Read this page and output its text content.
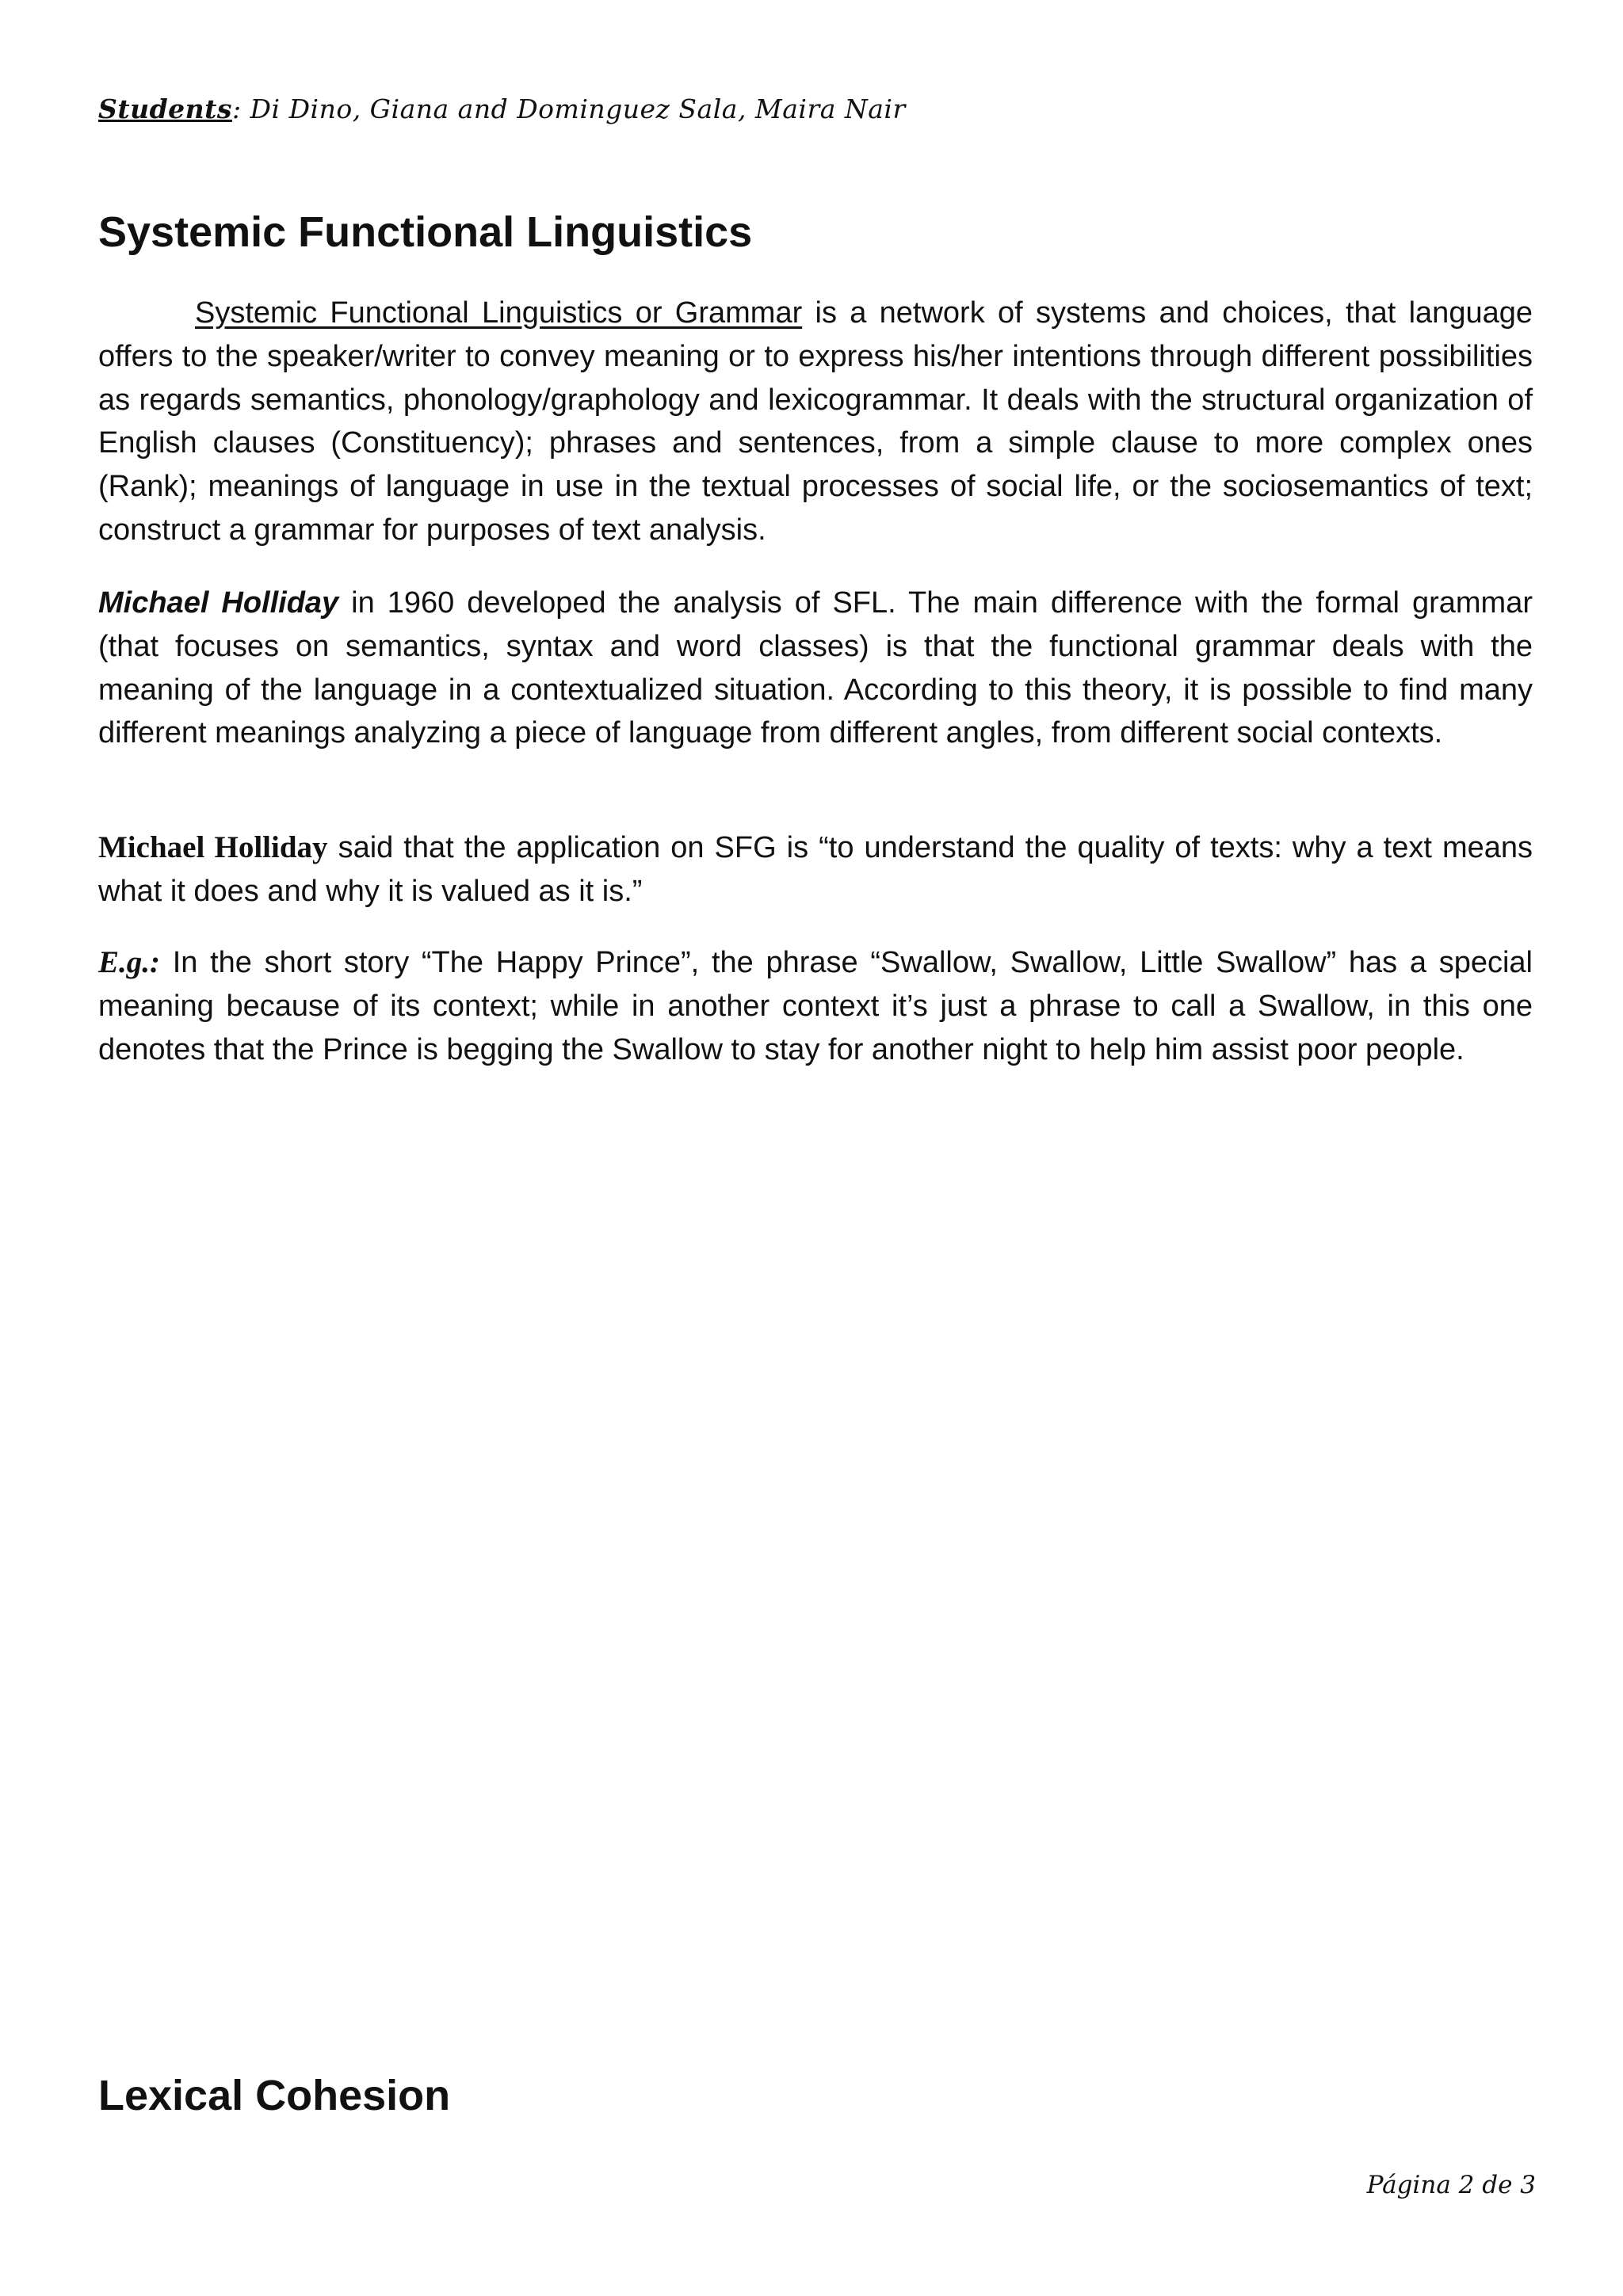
Students: Di Dino, Giana and Dominguez Sala, Maira Nair
Systemic Functional Linguistics

Systemic Functional Linguistics or Grammar is a network of systems and choices, that language offers to the speaker/writer to convey meaning or to express his/her intentions through different possibilities as regards semantics, phonology/graphology and lexicogrammar. It deals with the structural organization of English clauses (Constituency); phrases and sentences, from a simple clause to more complex ones (Rank); meanings of language in use in the textual processes of social life, or the sociosemantics of text; construct a grammar for purposes of text analysis.

Michael Holliday in 1960 developed the analysis of SFL. The main difference with the formal grammar (that focuses on semantics, syntax and word classes) is that the functional grammar deals with the meaning of the language in a contextualized situation. According to this theory, it is possible to find many different meanings analyzing a piece of language from different angles, from different social contexts.

Michael Holliday said that the application on SFG is “to understand the quality of texts: why a text means what it does and why it is valued as it is.”

E.g.: In the short story “The Happy Prince”, the phrase “Swallow, Swallow, Little Swallow” has a special meaning because of its context; while in another context it’s just a phrase to call a Swallow, in this one denotes that the Prince is begging the Swallow to stay for another night to help him assist poor people.

Lexical Cohesion
Página 2 de 3
